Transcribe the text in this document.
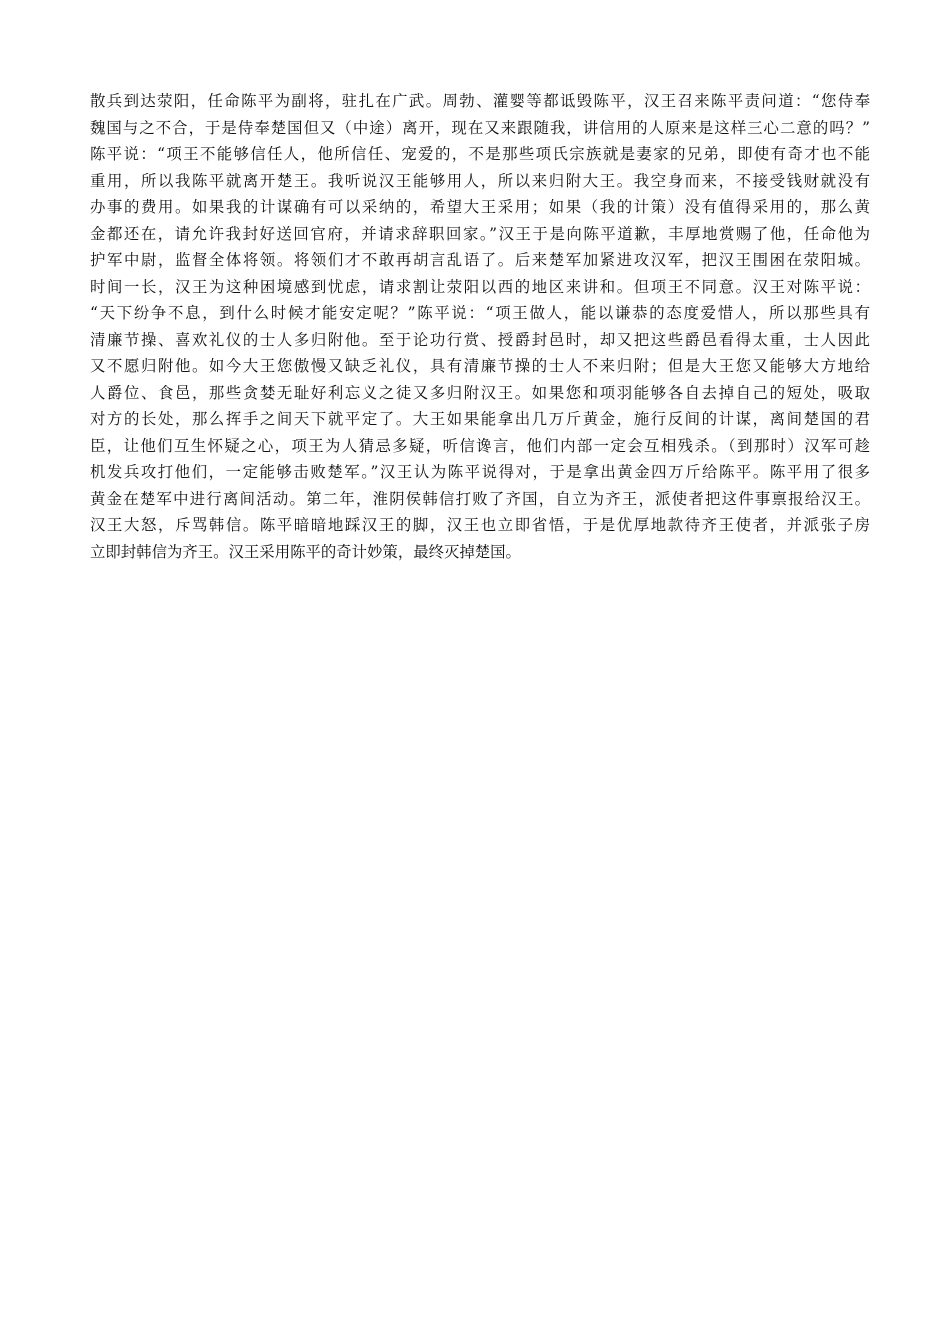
散兵到达荥阳，任命陈平为副将，驻扎在广武。周勃、灌婴等都诋毁陈平，汉王召来陈平责问道：“您侍奉
魏国与之不合，于是侍奉楚国但又（中途）离开，现在又来跟随我，讲信用的人原来是这样三心二意的吗？”
陈平说：“项王不能够信任人，他所信任、宠爱的，不是那些项氏宗族就是妻家的兄弟，即使有奇才也不能
重用，所以我陈平就离开楚王。我听说汉王能够用人，所以来归附大王。我空身而来，不接受钱财就没有
办事的费用。如果我的计谋确有可以采纳的，希望大王采用；如果（我的计策）没有值得采用的，那么黄
金都还在，请允许我封好送回官府，并请求辞职回家。”汉王于是向陈平道歉，丰厚地赏赐了他，任命他为
护军中尉，监督全体将领。将领们才不敢再胡言乱语了。后来楚军加紧进攻汉军，把汉王围困在荥阳城。
时间一长，汉王为这种困境感到忧虑，请求割让荥阳以西的地区来讲和。但项王不同意。汉王对陈平说：
“天下纷争不息，到什么时候才能安定呢？”陈平说：“项王做人，能以谦恭的态度爱惜人，所以那些具有
清廉节操、喜欢礼仪的士人多归附他。至于论功行赏、授爵封邑时，却又把这些爵邑看得太重，士人因此
又不愿归附他。如今大王您傲慢又缺乏礼仪，具有清廉节操的士人不来归附；但是大王您又能够大方地给
人爵位、食邑，那些贪婪无耻好利忘义之徒又多归附汉王。如果您和项羽能够各自去掉自己的短处，吸取
对方的长处，那么挥手之间天下就平定了。大王如果能拿出几万斤黄金，施行反间的计谋，离间楚国的君
臣，让他们互生怀疑之心，项王为人猜忌多疑，听信谗言，他们内部一定会互相残杀。（到那时）汉军可趁
机发兵攻打他们，一定能够击败楚军。”汉王认为陈平说得对，于是拿出黄金四万斤给陈平。陈平用了很多
黄金在楚军中进行离间活动。第二年，淮阴侯韩信打败了齐国，自立为齐王，派使者把这件事禀报给汉王。
汉王大怒，斥骂韩信。陈平暗暗地踩汉王的脚，汉王也立即省悟，于是优厚地款待齐王使者，并派张子房
立即封韩信为齐王。汉王采用陈平的奇计妙策，最终灭掉楚国。
